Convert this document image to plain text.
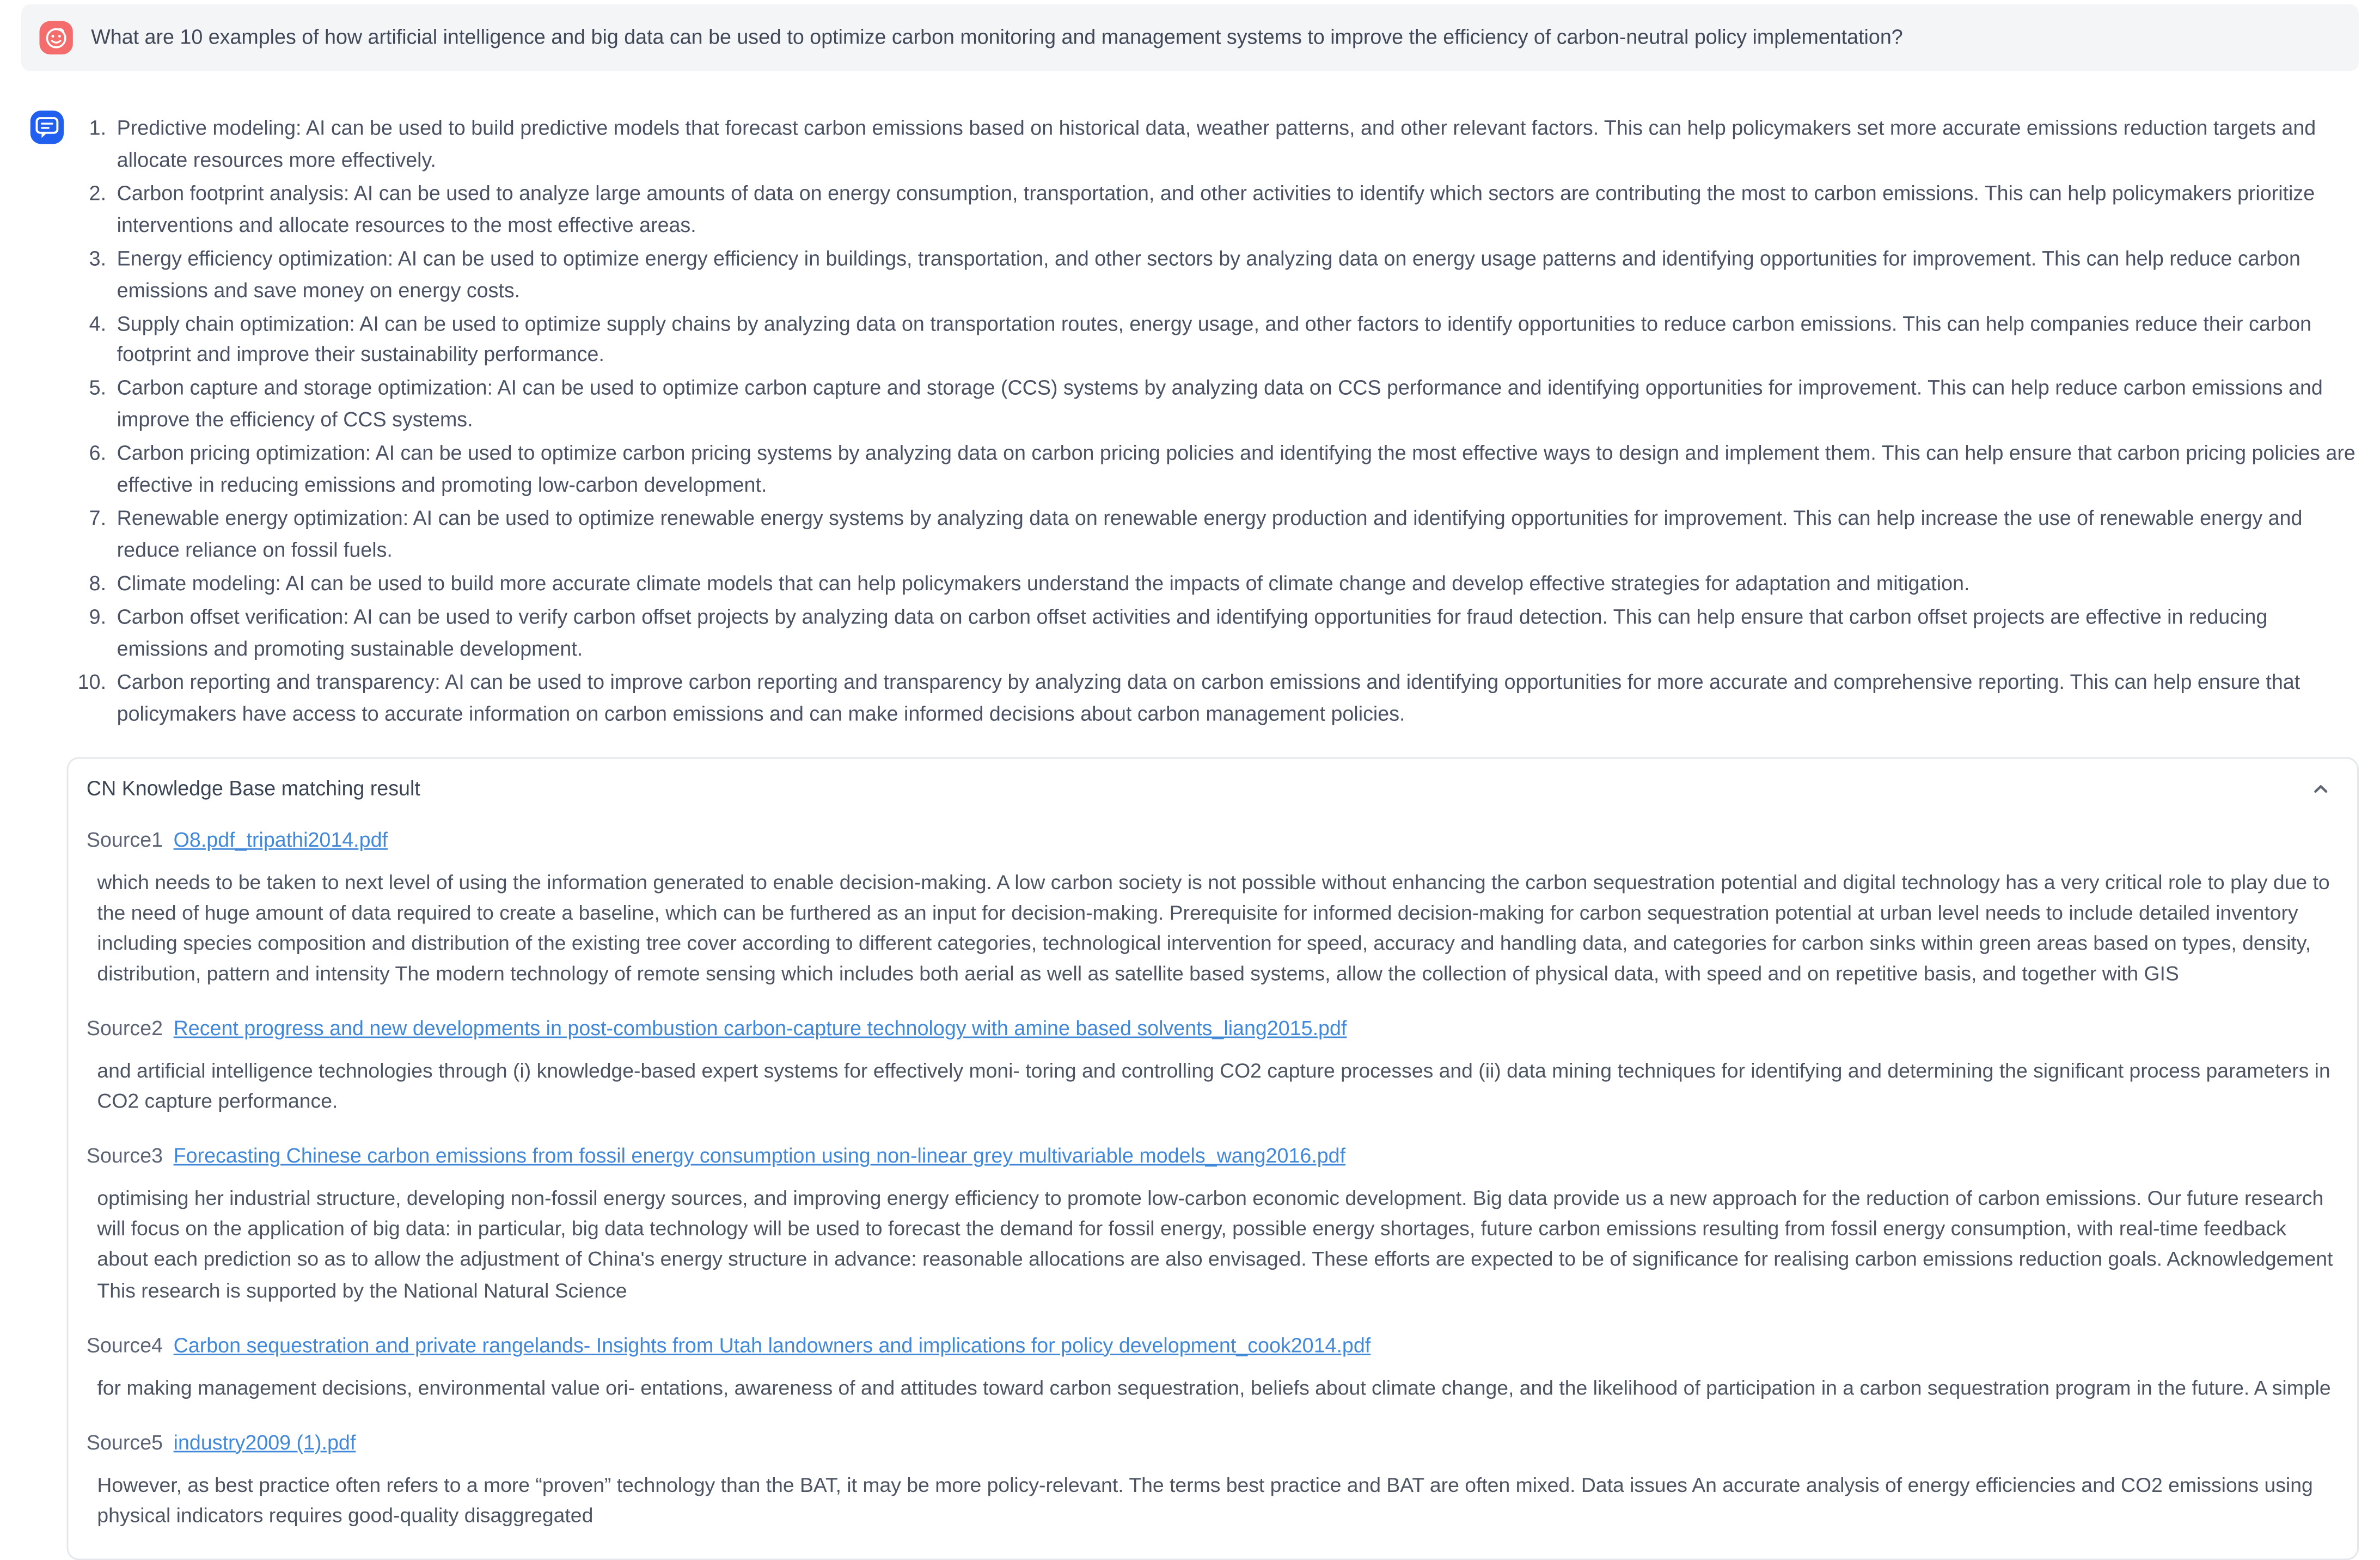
What are 10 examples of how artificial intelligence and big data can be used to optimize carbon monitoring and management systems to improve the efficiency of carbon-neutral policy implementation?
Predictive modeling: AI can be used to build predictive models that forecast carbon emissions based on historical data, weather patterns, and other relevant factors. This can help policymakers set more accurate emissions reduction targets and allocate resources more effectively.
Carbon footprint analysis: AI can be used to analyze large amounts of data on energy consumption, transportation, and other activities to identify which sectors are contributing the most to carbon emissions. This can help policymakers prioritize interventions and allocate resources to the most effective areas.
Energy efficiency optimization: AI can be used to optimize energy efficiency in buildings, transportation, and other sectors by analyzing data on energy usage patterns and identifying opportunities for improvement. This can help reduce carbon emissions and save money on energy costs.
Supply chain optimization: AI can be used to optimize supply chains by analyzing data on transportation routes, energy usage, and other factors to identify opportunities to reduce carbon emissions. This can help companies reduce their carbon footprint and improve their sustainability performance.
Carbon capture and storage optimization: AI can be used to optimize carbon capture and storage (CCS) systems by analyzing data on CCS performance and identifying opportunities for improvement. This can help reduce carbon emissions and improve the efficiency of CCS systems.
Carbon pricing optimization: AI can be used to optimize carbon pricing systems by analyzing data on carbon pricing policies and identifying the most effective ways to design and implement them. This can help ensure that carbon pricing policies are effective in reducing emissions and promoting low-carbon development.
Renewable energy optimization: AI can be used to optimize renewable energy systems by analyzing data on renewable energy production and identifying opportunities for improvement. This can help increase the use of renewable energy and reduce reliance on fossil fuels.
Climate modeling: AI can be used to build more accurate climate models that can help policymakers understand the impacts of climate change and develop effective strategies for adaptation and mitigation.
Carbon offset verification: AI can be used to verify carbon offset projects by analyzing data on carbon offset activities and identifying opportunities for fraud detection. This can help ensure that carbon offset projects are effective in reducing emissions and promoting sustainable development.
Carbon reporting and transparency: AI can be used to improve carbon reporting and transparency by analyzing data on carbon emissions and identifying opportunities for more accurate and comprehensive reporting. This can help ensure that policymakers have access to accurate information on carbon emissions and can make informed decisions about carbon management policies.
CN Knowledge Base matching result
Source1 O8.pdf_tripathi2014.pdf
which needs to be taken to next level of using the information generated to enable decision-making. A low carbon society is not possible without enhancing the carbon sequestration potential and digital technology has a very critical role to play due to the need of huge amount of data required to create a baseline, which can be furthered as an input for decision-making. Prerequisite for informed decision-making for carbon sequestration potential at urban level needs to include detailed inventory including species composition and distribution of the existing tree cover according to different categories, technological intervention for speed, accuracy and handling data, and categories for carbon sinks within green areas based on types, density, distribution, pattern and intensity The modern technology of remote sensing which includes both aerial as well as satellite based systems, allow the collection of physical data, with speed and on repetitive basis, and together with GIS
Source2 Recent progress and new developments in post-combustion carbon-capture technology with amine based solvents_liang2015.pdf
and artificial intelligence technologies through (i) knowledge-based expert systems for effectively moni- toring and controlling CO2 capture processes and (ii) data mining techniques for identifying and determining the significant process parameters in CO2 capture performance.
Source3 Forecasting Chinese carbon emissions from fossil energy consumption using non-linear grey multivariable models_wang2016.pdf
optimising her industrial structure, developing non-fossil energy sources, and improving energy efficiency to promote low-carbon economic development. Big data provide us a new approach for the reduction of carbon emissions. Our future research will focus on the application of big data: in particular, big data technology will be used to forecast the demand for fossil energy, possible energy shortages, future carbon emissions resulting from fossil energy consumption, with real-time feedback about each prediction so as to allow the adjustment of China's energy structure in advance: reasonable allocations are also envisaged. These efforts are expected to be of significance for realising carbon emissions reduction goals. Acknowledgement This research is supported by the National Natural Science
Source4 Carbon sequestration and private rangelands- Insights from Utah landowners and implications for policy development_cook2014.pdf
for making management decisions, environmental value ori- entations, awareness of and attitudes toward carbon sequestration, beliefs about climate change, and the likelihood of participation in a carbon sequestration program in the future. A simple
Source5 industry2009 (1).pdf
However, as best practice often refers to a more “proven” technology than the BAT, it may be more policy-relevant. The terms best practice and BAT are often mixed. Data issues An accurate analysis of energy efficiencies and CO2 emissions using physical indicators requires good-quality disaggregated
